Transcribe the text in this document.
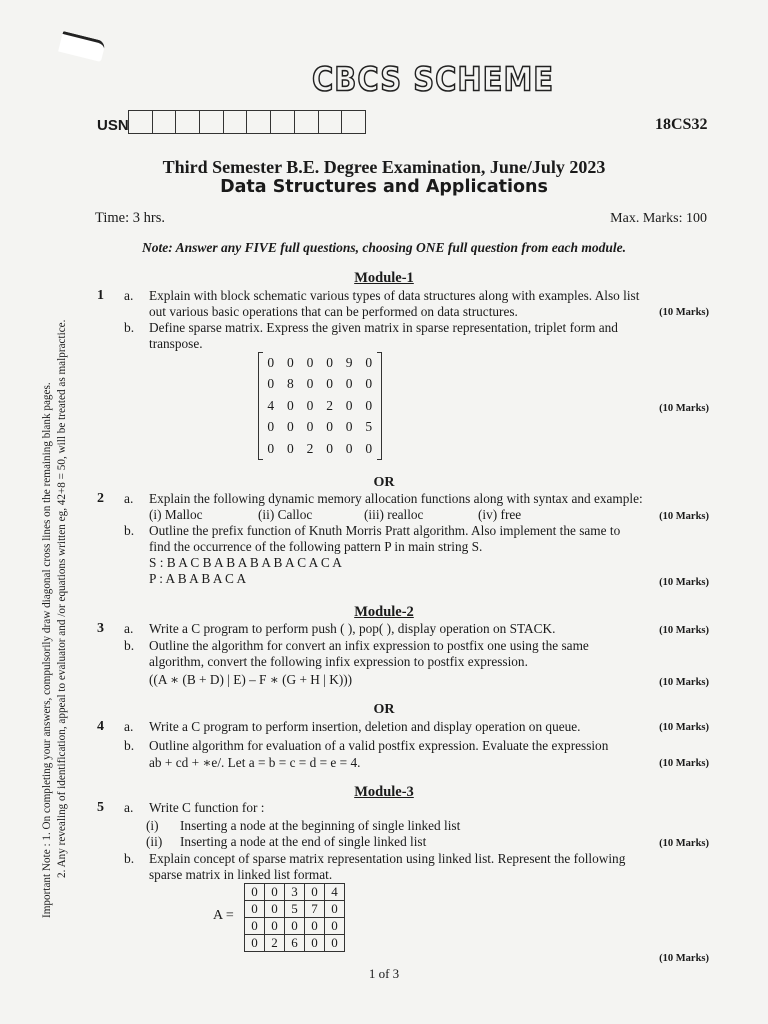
CBCS SCHEME
USN	18CS32
Third Semester B.E. Degree Examination, June/July 2023
Data Structures and Applications
Time: 3 hrs.	Max. Marks: 100
Note: Answer any FIVE full questions, choosing ONE full question from each module.
Important Note : 1. On completing your answers, compulsorily draw diagonal cross lines on the remaining blank pages. 2. Any revealing of identification, appeal to evaluator and /or equations written eg, 42+8 = 50, will be treated as malpractice.
Module-1
1 a. Explain with block schematic various types of data structures along with examples. Also list
out various basic operations that can be performed on data structures.	(10 Marks)
b. Define sparse matrix. Express the given matrix in sparse representation, triplet form and
transpose.
0 0 0 0 9 0
0 8 0 0 0 0
4 0 0 2 0 0
0 0 0 0 0 5
0 0 2 0 0 0
(10 Marks)
OR
2 a. Explain the following dynamic memory allocation functions along with syntax and example:
(i) Malloc	(ii) Calloc	(iii) realloc	(iv) free	(10 Marks)
b. Outline the prefix function of Knuth Morris Pratt algorithm. Also implement the same to
find the occurrence of the following pattern P in main string S.
S : B A C B A B A B A B A C A C A
P : A B A B A C A	(10 Marks)
Module-2
3 a. Write a C program to perform push ( ), pop( ), display operation on STACK.	(10 Marks)
b. Outline the algorithm for convert an infix expression to postfix one using the same
algorithm, convert the following infix expression to postfix expression.
((A ∗ (B + D) | E) – F ∗ (G + H | K)))	(10 Marks)
OR
4 a. Write a C program to perform insertion, deletion and display operation on queue.	(10 Marks)
b. Outline algorithm for evaluation of a valid postfix expression. Evaluate the expression
ab + cd + ∗e/. Let a = b = c = d = e = 4.	(10 Marks)
Module-3
5 a. Write C function for :
(i) Inserting a node at the beginning of single linked list
(ii) Inserting a node at the end of single linked list	(10 Marks)
b. Explain concept of sparse matrix representation using linked list. Represent the following
sparse matrix in linked list format.
A =
0	0	3	0	4
0	0	5	7	0
0	0	0	0	0
0	2	6	0	0
(10 Marks)
1 of 3
